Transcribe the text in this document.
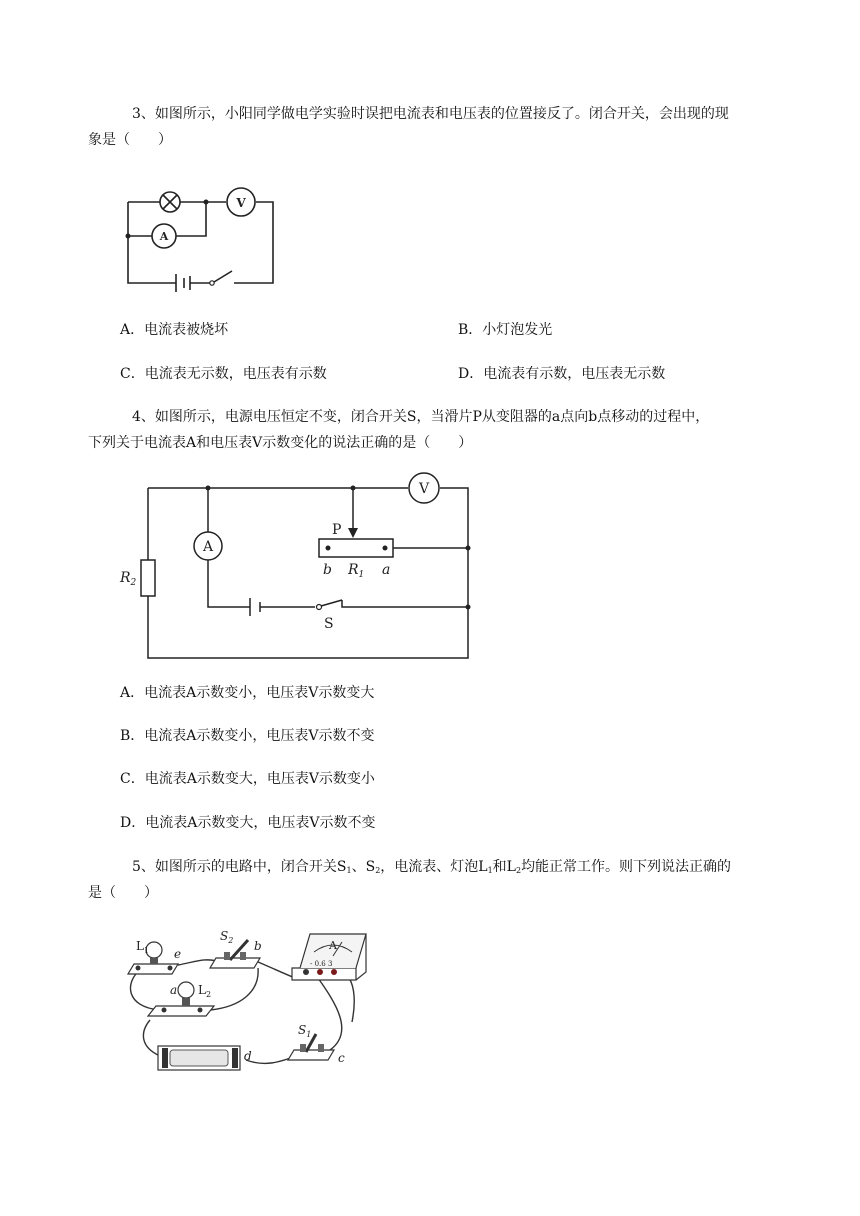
3、如图所示，小阳同学做电学实验时误把电流表和电压表的位置接反了。闭合开关，会出现的现
象是（　　）
V
A
A．电流表被烧坏	B．小灯泡发光
C．电流表无示数，电压表有示数	D．电流表有示数，电压表无示数
4、如图所示，电源电压恒定不变，闭合开关S，当滑片P从变阻器的a点向b点移动的过程中，
下列关于电流表A和电压表V示数变化的说法正确的是（　　）
$R_2$
A
V
P
b $R_1$ a
S
A．电流表A示数变小，电压表V示数变大
B．电流表A示数变小，电压表V示数不变
C．电流表A示数变大，电压表V示数变小
D．电流表A示数变大，电压表V示数不变
5、如图所示的电路中，闭合开关$S_1$、$S_2$，电流表、灯泡$L_1$和$L_2$均能正常工作。则下列说法正确的
是（　　）
$L_1$ e
$S_2$ b	A
- 0.6 3
a $L_2$
d
$S_1$
c
